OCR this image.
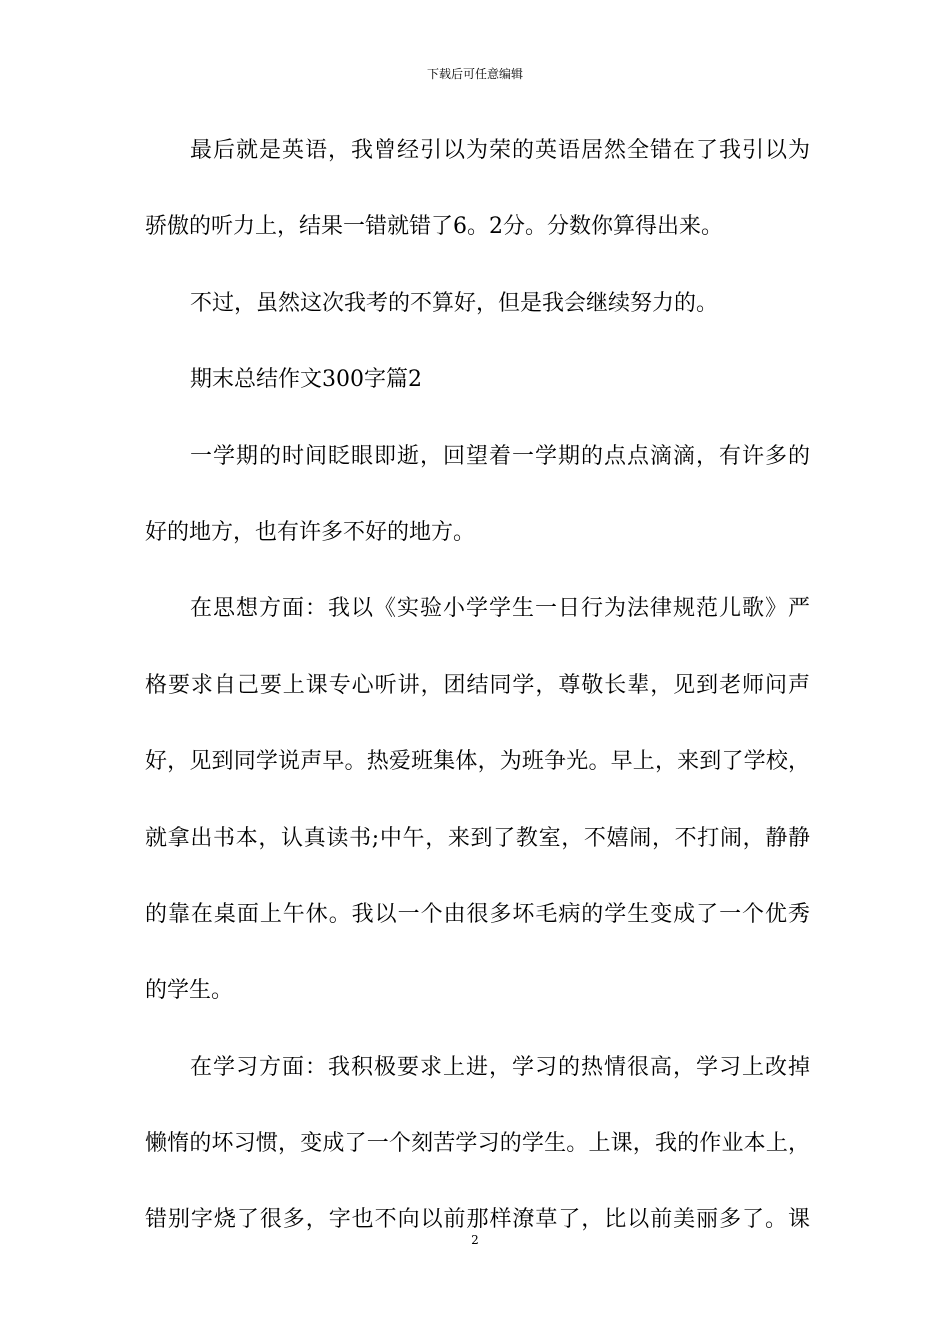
下载后可任意编辑
最后就是英语，我曾经引以为荣的英语居然全错在了我引以为
骄傲的听力上，结果一错就错了6。2分。分数你算得出来。
不过，虽然这次我考的不算好，但是我会继续努力的。
期末总结作文300字篇2
一学期的时间眨眼即逝，回望着一学期的点点滴滴，有许多的
好的地方，也有许多不好的地方。
在思想方面：我以《实验小学学生一日行为法律规范儿歌》严
格要求自己要上课专心听讲，团结同学，尊敬长辈，见到老师问声
好，见到同学说声早。热爱班集体，为班争光。早上，来到了学校，
就拿出书本，认真读书;中午，来到了教室，不嬉闹，不打闹，静静
的靠在桌面上午休。我以一个由很多坏毛病的学生变成了一个优秀
的学生。
在学习方面：我积极要求上进，学习的热情很高，学习上改掉
懒惰的坏习惯，变成了一个刻苦学习的学生。上课，我的作业本上，
错别字烧了很多，字也不向以前那样潦草了，比以前美丽多了。课
2
